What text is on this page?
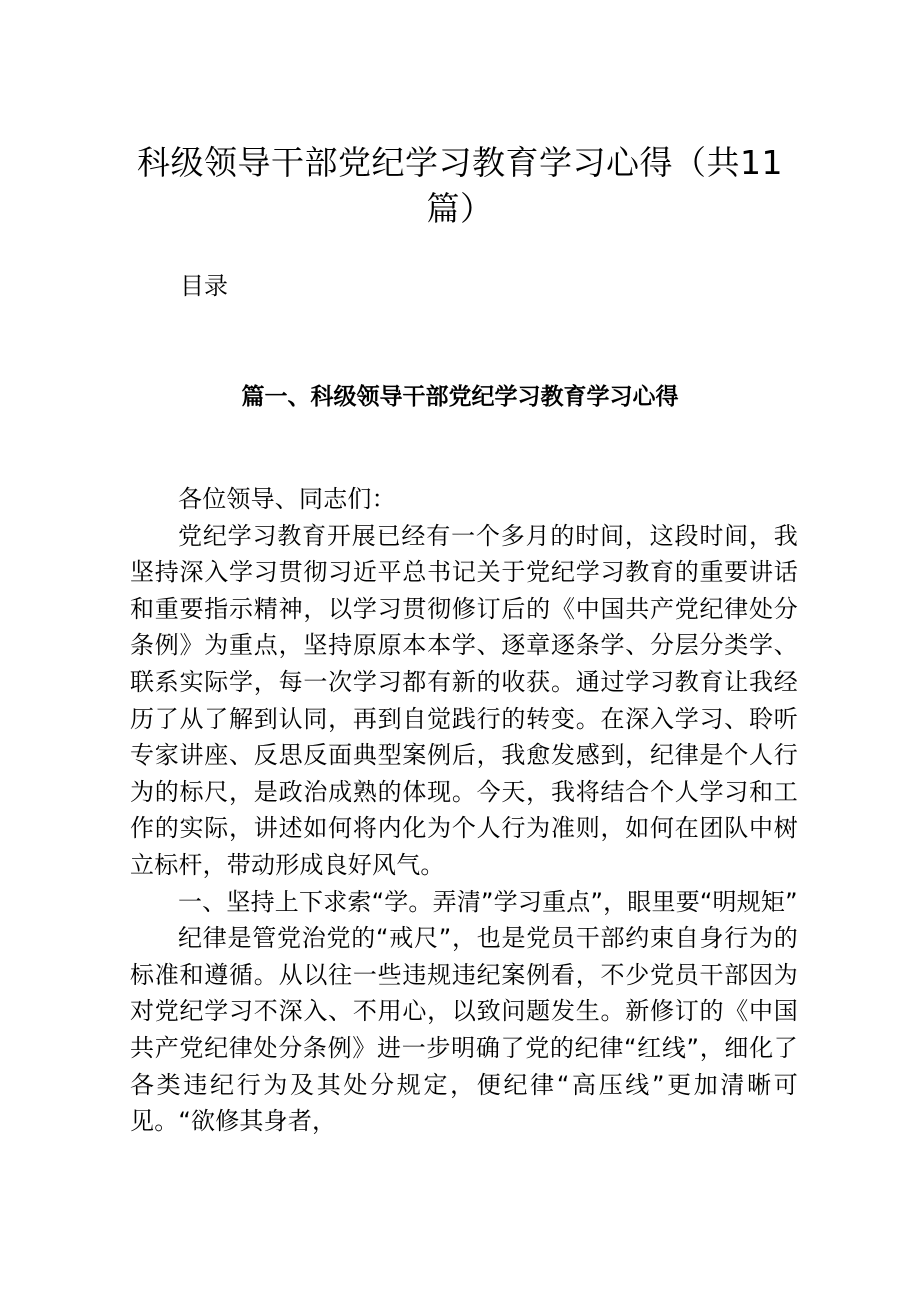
科级领导干部党纪学习教育学习心得（共11篇）
目录
篇一、科级领导干部党纪学习教育学习心得

各位领导、同志们：

党纪学习教育开展已经有一个多月的时间，这段时间，我坚持深入学习贯彻习近平总书记关于党纪学习教育的重要讲话和重要指示精神，以学习贯彻修订后的《中国共产党纪律处分条例》为重点，坚持原原本本学、逐章逐条学、分层分类学、联系实际学，每一次学习都有新的收获。通过学习教育让我经历了从了解到认同，再到自觉践行的转变。在深入学习、聆听专家讲座、反思反面典型案例后，我愈发感到，纪律是个人行为的标尺，是政治成熟的体现。今天，我将结合个人学习和工作的实际，讲述如何将内化为个人行为准则，如何在团队中树立标杆，带动形成良好风气。

一、坚持上下求索“学。弄清”学习重点”，眼里要“明规矩”

纪律是管党治党的“戒尺”，也是党员干部约束自身行为的标准和遵循。从以往一些违规违纪案例看，不少党员干部因为对党纪学习不深入、不用心，以致问题发生。新修订的《中国共产党纪律处分条例》进一步明确了党的纪律“红线”，细化了各类违纪行为及其处分规定，便纪律“高压线”更加清晰可见。“欲修其身者，
